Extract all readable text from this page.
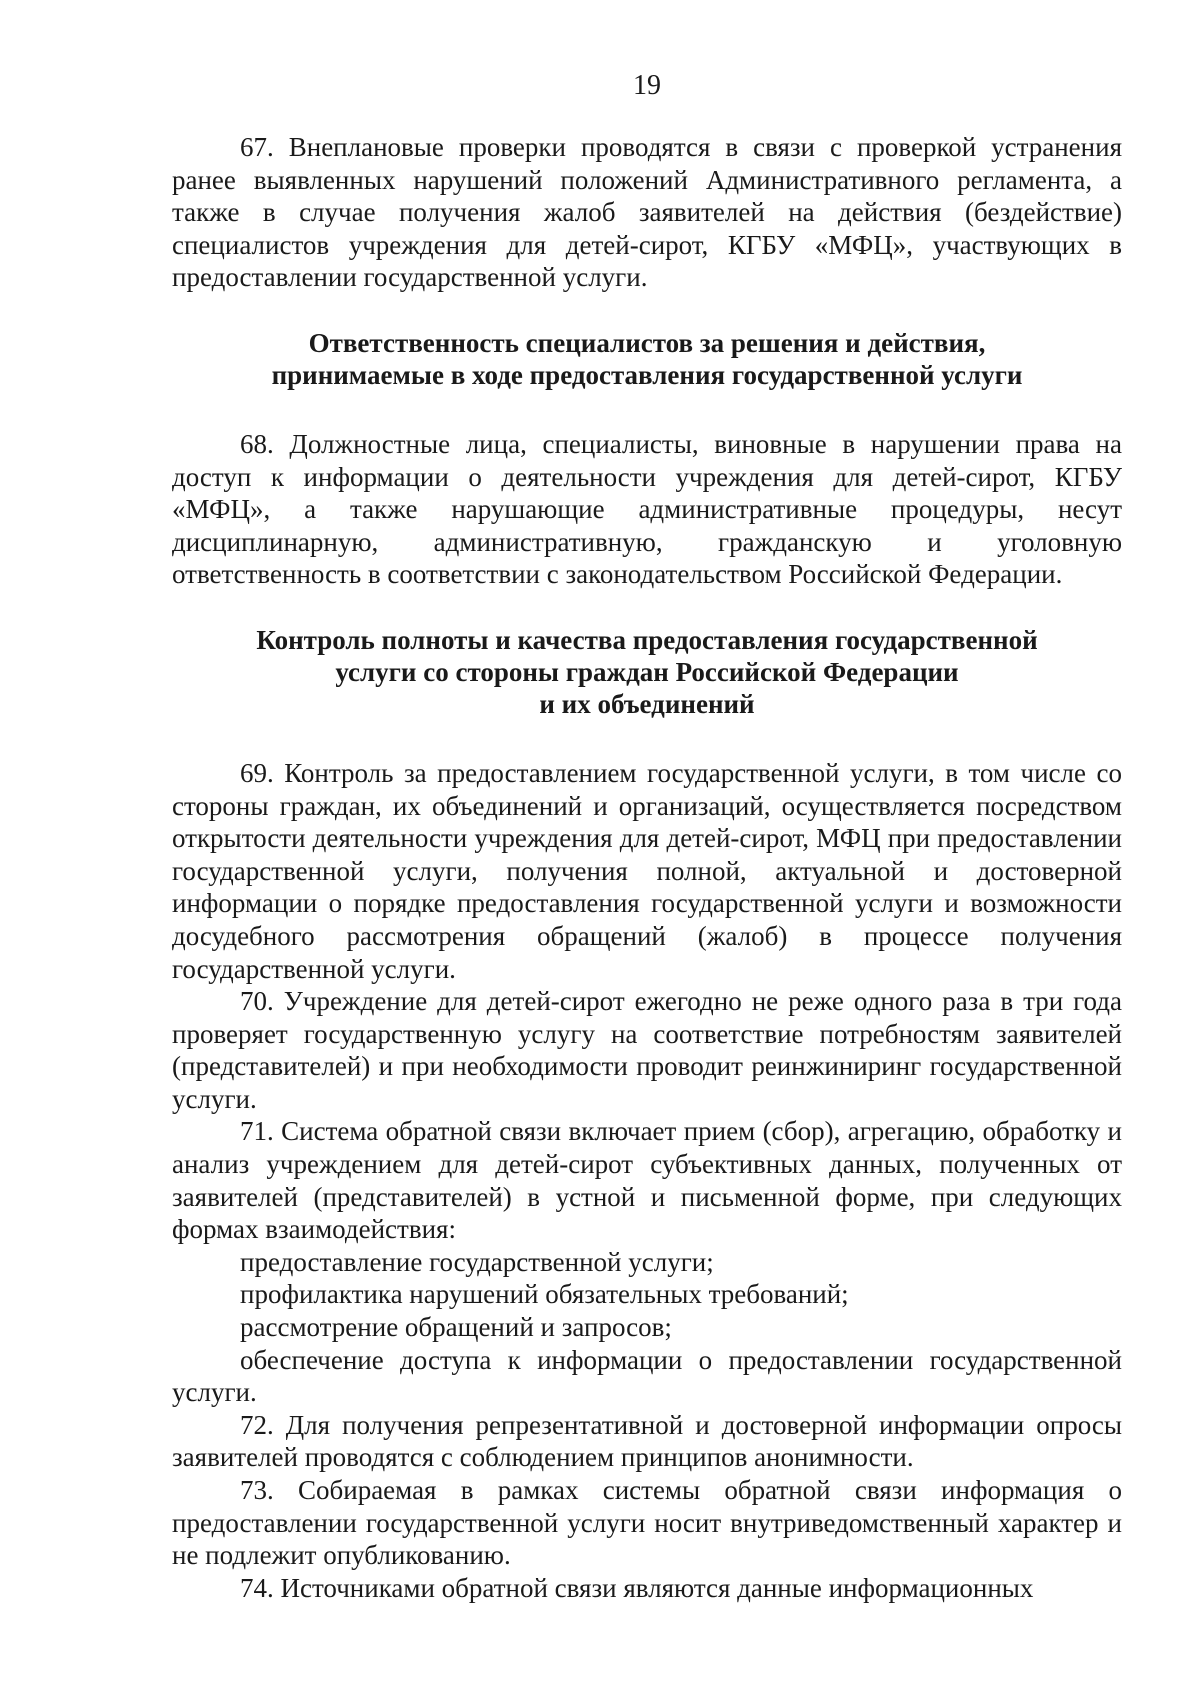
19

67. Внеплановые проверки проводятся в связи с проверкой устранения ранее выявленных нарушений положений Административного регламента, а также в случае получения жалоб заявителей на действия (бездействие) специалистов учреждения для детей-сирот, КГБУ «МФЦ», участвующих в предоставлении государственной услуги.

Ответственность специалистов за решения и действия,

принимаемые в ходе предоставления государственной услуги

68. Должностные лица, специалисты, виновные в нарушении права на доступ к информации о деятельности учреждения для детей-сирот, КГБУ «МФЦ», а также нарушающие административные процедуры, несут дисциплинарную, административную, гражданскую и уголовную ответственность в соответствии с законодательством Российской Федерации.

Контроль полноты и качества предоставления государственной

услуги со стороны граждан Российской Федерации

и их объединений

69. Контроль за предоставлением государственной услуги, в том числе со стороны граждан, их объединений и организаций, осуществляется посредством открытости деятельности учреждения для детей-сирот, МФЦ при предоставлении государственной услуги, получения полной, актуальной и достоверной информации о порядке предоставления государственной услуги и возможности досудебного рассмотрения обращений (жалоб) в процессе получения государственной услуги.

70. Учреждение для детей-сирот ежегодно не реже одного раза в три года проверяет государственную услугу на соответствие потребностям заявителей (представителей) и при необходимости проводит реинжиниринг государственной услуги.

71. Система обратной связи включает прием (сбор), агрегацию, обработку и анализ учреждением для детей-сирот субъективных данных, полученных от заявителей (представителей) в устной и письменной форме, при следующих формах взаимодействия:

предоставление государственной услуги;

профилактика нарушений обязательных требований;

рассмотрение обращений и запросов;

обеспечение доступа к информации о предоставлении государственной услуги.

72. Для получения репрезентативной и достоверной информации опросы заявителей проводятся с соблюдением принципов анонимности.

73. Собираемая в рамках системы обратной связи информация о предоставлении государственной услуги носит внутриведомственный характер и не подлежит опубликованию.

74. Источниками обратной связи являются данные информационных
